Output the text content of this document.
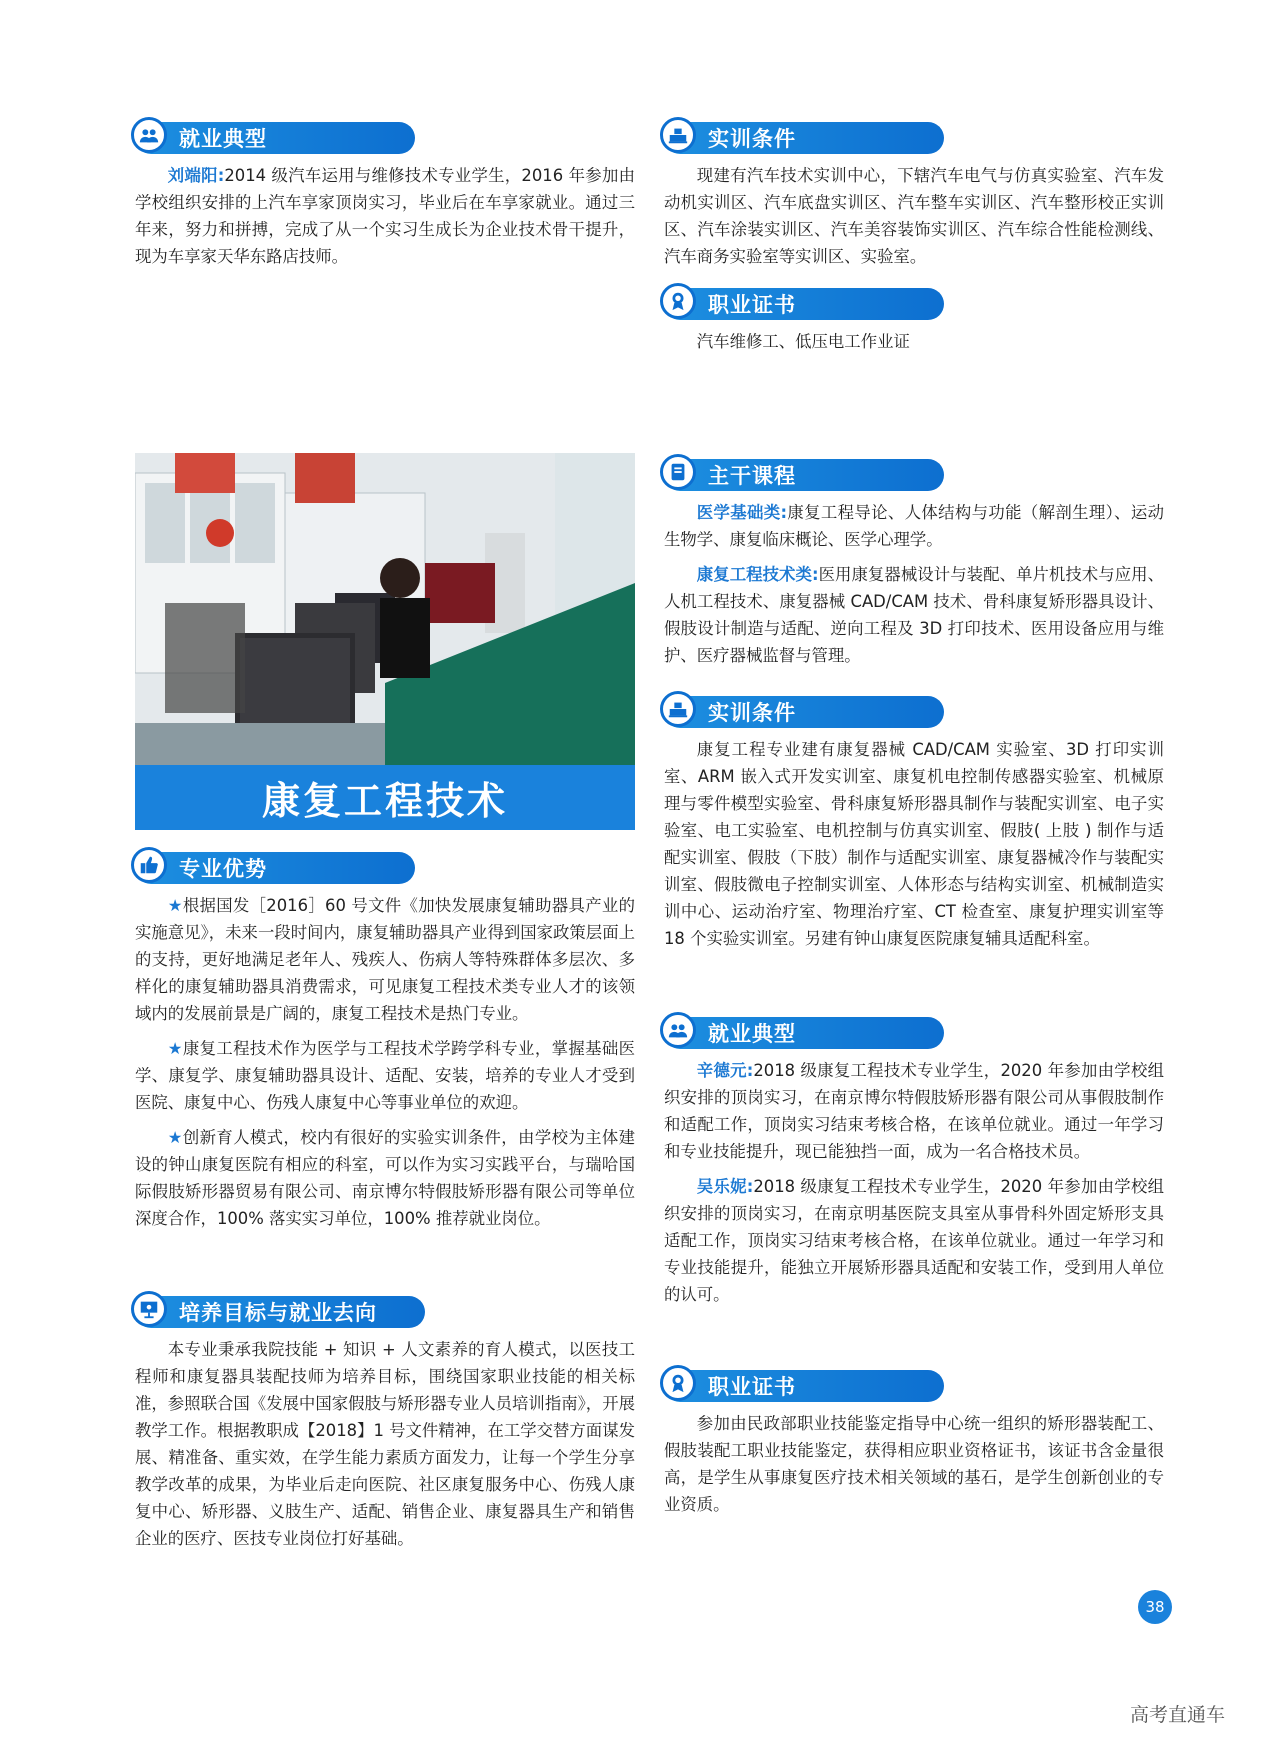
就业典型

刘端阳:2014 级汽车运用与维修技术专业学生，2016 年参加由学校组织安排的上汽车享家顶岗实习，毕业后在车享家就业。通过三年来，努力和拼搏，完成了从一个实习生成长为企业技术骨干提升，现为车享家天华东路店技师。

实训条件

现建有汽车技术实训中心，下辖汽车电气与仿真实验室、汽车发动机实训区、汽车底盘实训区、汽车整车实训区、汽车整形校正实训区、汽车涂装实训区、汽车美容装饰实训区、汽车综合性能检测线、汽车商务实验室等实训区、实验室。

职业证书

汽车维修工、低压电工作业证

康复工程技术
专业优势

★根据国发［2016］60 号文件《加快发展康复辅助器具产业的实施意见》，未来一段时间内，康复辅助器具产业得到国家政策层面上的支持，更好地满足老年人、残疾人、伤病人等特殊群体多层次、多样化的康复辅助器具消费需求，可见康复工程技术类专业人才的该领域内的发展前景是广阔的，康复工程技术是热门专业。

★康复工程技术作为医学与工程技术学跨学科专业，掌握基础医学、康复学、康复辅助器具设计、适配、安装，培养的专业人才受到医院、康复中心、伤残人康复中心等事业单位的欢迎。

★创新育人模式，校内有很好的实验实训条件，由学校为主体建设的钟山康复医院有相应的科室，可以作为实习实践平台，与瑞哈国际假肢矫形器贸易有限公司、南京博尔特假肢矫形器有限公司等单位深度合作，100% 落实实习单位，100% 推荐就业岗位。

培养目标与就业去向

本专业秉承我院技能 + 知识 + 人文素养的育人模式，以医技工程师和康复器具装配技师为培养目标，围绕国家职业技能的相关标准，参照联合国《发展中国家假肢与矫形器专业人员培训指南》，开展教学工作。根据教职成【2018】1 号文件精神，在工学交替方面谋发展、精准备、重实效，在学生能力素质方面发力，让每一个学生分享教学改革的成果，为毕业后走向医院、社区康复服务中心、伤残人康复中心、矫形器、义肢生产、适配、销售企业、康复器具生产和销售企业的医疗、医技专业岗位打好基础。

主干课程

医学基础类:康复工程导论、人体结构与功能（解剖生理）、运动生物学、康复临床概论、医学心理学。

康复工程技术类:医用康复器械设计与装配、单片机技术与应用、人机工程技术、康复器械 CAD/CAM 技术、骨科康复矫形器具设计、假肢设计制造与适配、逆向工程及 3D 打印技术、医用设备应用与维护、医疗器械监督与管理。

实训条件

康复工程专业建有康复器械 CAD/CAM 实验室、3D 打印实训室、ARM 嵌入式开发实训室、康复机电控制传感器实验室、机械原理与零件模型实验室、骨科康复矫形器具制作与装配实训室、电子实验室、电工实验室、电机控制与仿真实训室、假肢( 上肢 ) 制作与适配实训室、假肢（下肢）制作与适配实训室、康复器械冷作与装配实训室、假肢微电子控制实训室、人体形态与结构实训室、机械制造实训中心、运动治疗室、物理治疗室、CT 检查室、康复护理实训室等 18 个实验实训室。另建有钟山康复医院康复辅具适配科室。

就业典型

辛德元:2018 级康复工程技术专业学生，2020 年参加由学校组织安排的顶岗实习，在南京博尔特假肢矫形器有限公司从事假肢制作和适配工作，顶岗实习结束考核合格，在该单位就业。通过一年学习和专业技能提升，现已能独挡一面，成为一名合格技术员。

吴乐妮:2018 级康复工程技术专业学生，2020 年参加由学校组织安排的顶岗实习，在南京明基医院支具室从事骨科外固定矫形支具适配工作，顶岗实习结束考核合格，在该单位就业。通过一年学习和专业技能提升，能独立开展矫形器具适配和安装工作，受到用人单位的认可。

职业证书

参加由民政部职业技能鉴定指导中心统一组织的矫形器装配工、假肢装配工职业技能鉴定，获得相应职业资格证书，该证书含金量很高，是学生从事康复医疗技术相关领域的基石，是学生创新创业的专业资质。

38
高考直通车
